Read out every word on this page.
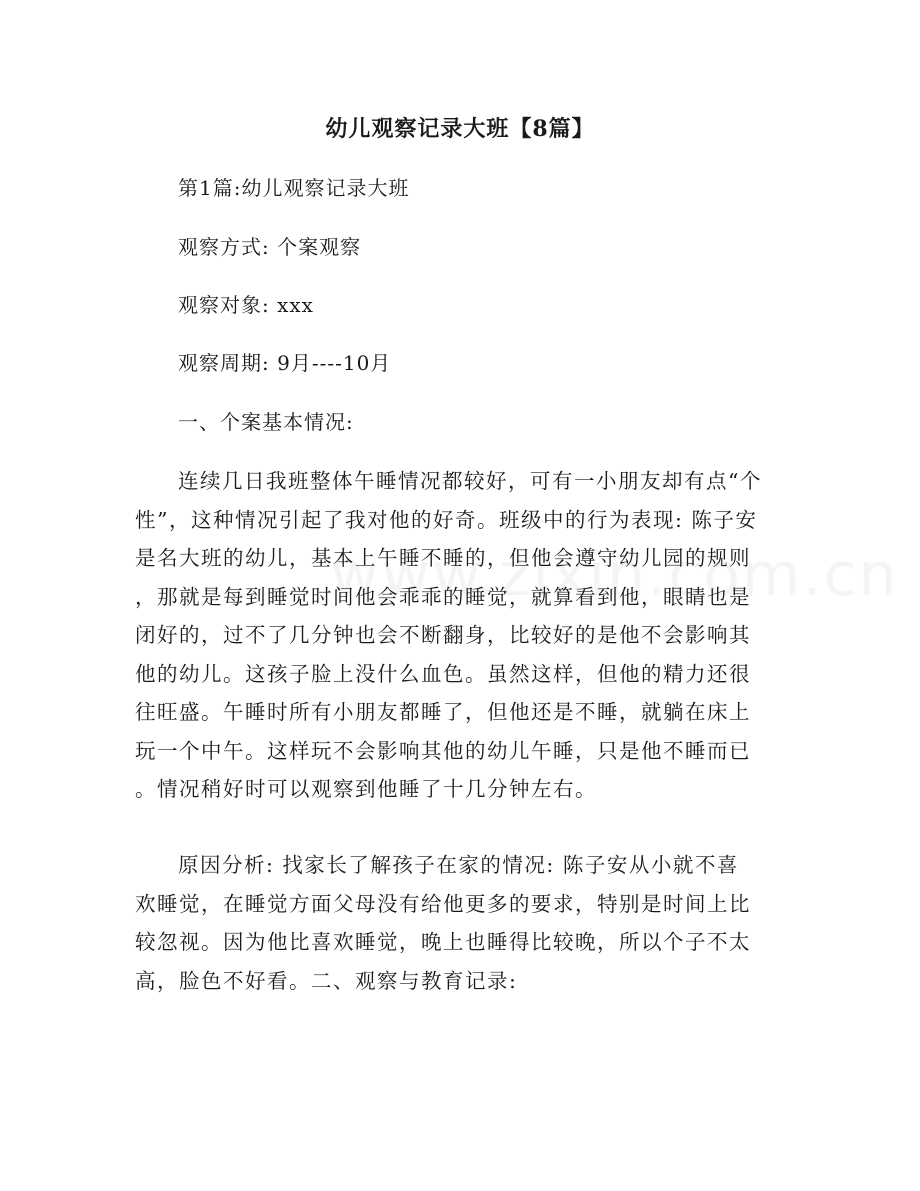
幼儿观察记录大班【8篇】
第1篇:幼儿观察记录大班
观察方式: 个案观察
观察对象: xxx
观察周期: 9月----10月
一、个案基本情况:
连续几日我班整体午睡情况都较好，可有一小朋友却有点“个
性”，这种情况引起了我对他的好奇。班级中的行为表现: 陈子安
是名大班的幼儿，基本上午睡不睡的，但他会遵守幼儿园的规则
，那就是每到睡觉时间他会乖乖的睡觉，就算看到他，眼睛也是
闭好的，过不了几分钟也会不断翻身，比较好的是他不会影响其
他的幼儿。这孩子脸上没什么血色。虽然这样，但他的精力还很
往旺盛。午睡时所有小朋友都睡了，但他还是不睡，就躺在床上
玩一个中午。这样玩不会影响其他的幼儿午睡，只是他不睡而已
。情况稍好时可以观察到他睡了十几分钟左右。
原因分析: 找家长了解孩子在家的情况: 陈子安从小就不喜
欢睡觉，在睡觉方面父母没有给他更多的要求，特别是时间上比
较忽视。因为他比喜欢睡觉，晚上也睡得比较晚，所以个子不太
高，脸色不好看。二、观察与教育记录:
